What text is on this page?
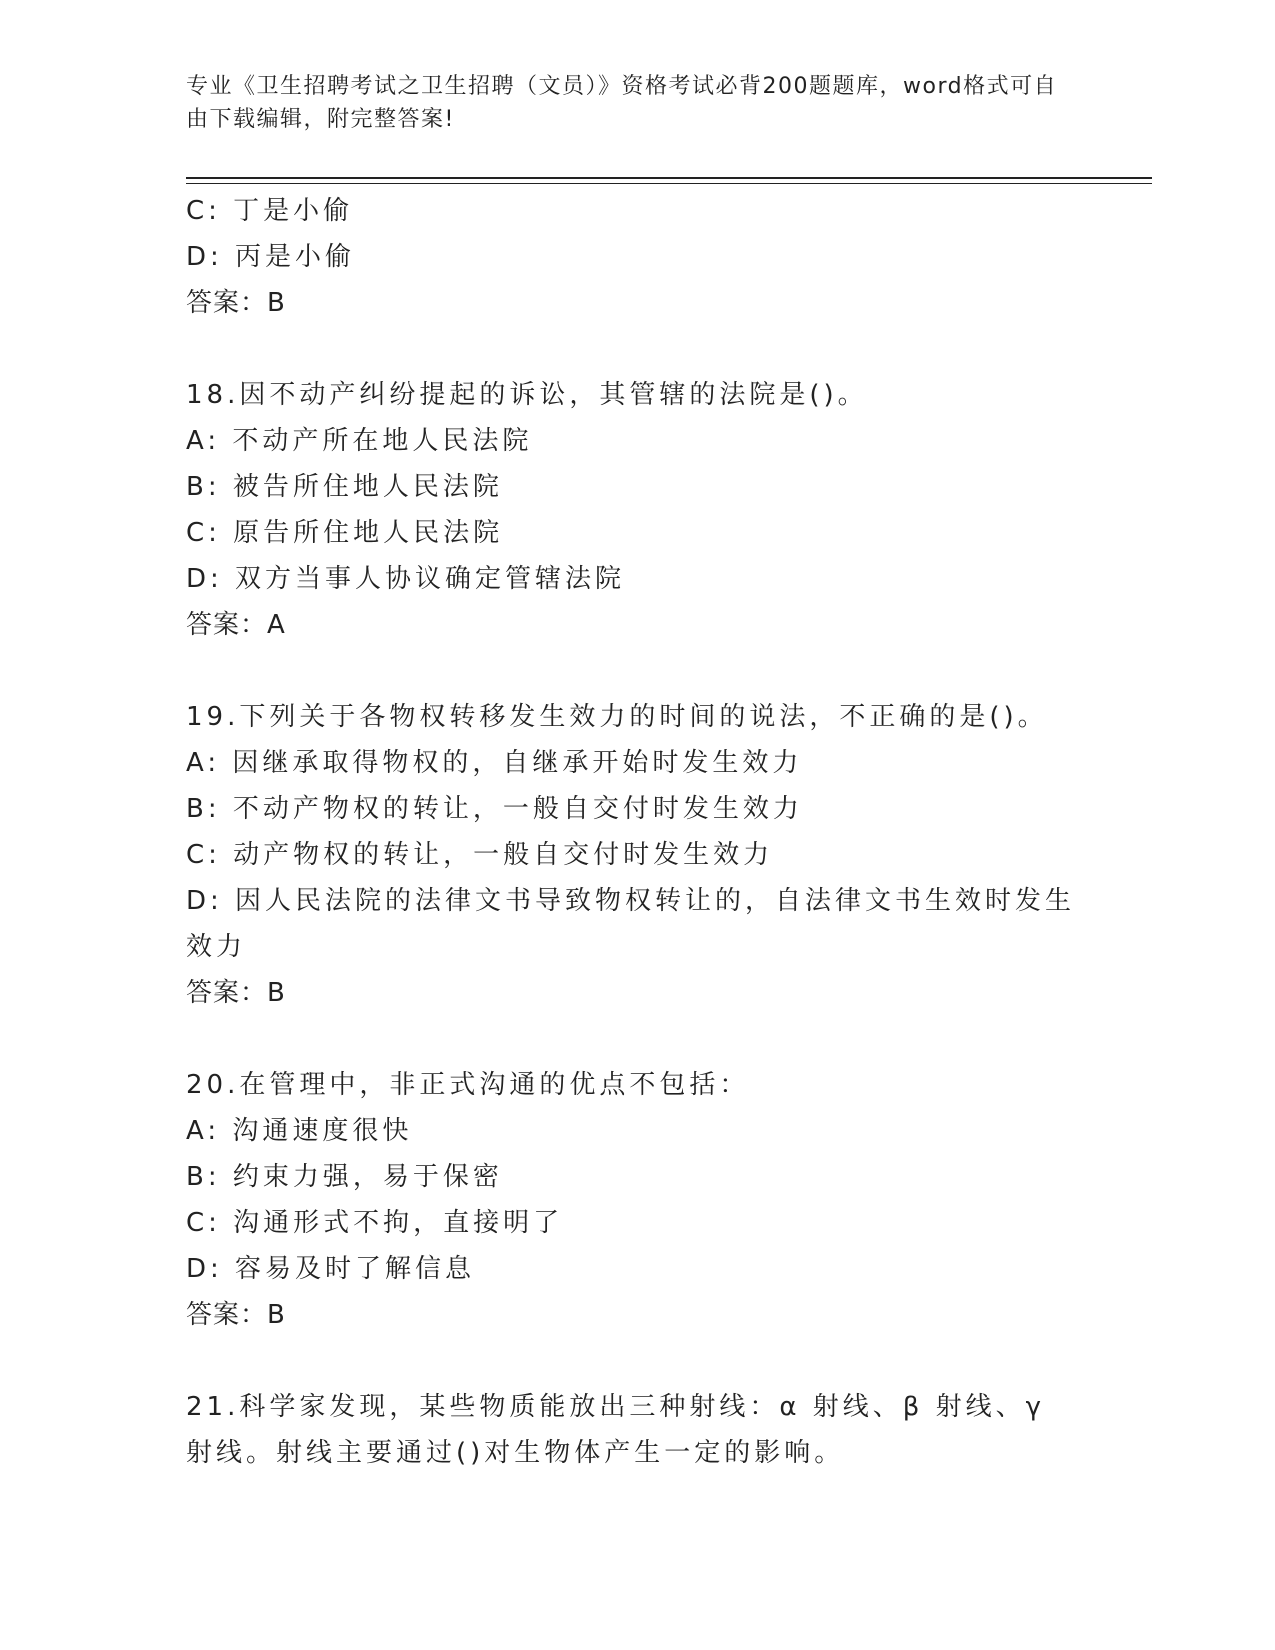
专业《卫生招聘考试之卫生招聘（文员）》资格考试必背200题题库，word格式可自由下载编辑，附完整答案!
C: 丁是小偷
D: 丙是小偷
答案：B
18.因不动产纠纷提起的诉讼，其管辖的法院是()。
A: 不动产所在地人民法院
B: 被告所住地人民法院
C: 原告所住地人民法院
D: 双方当事人协议确定管辖法院
答案：A
19.下列关于各物权转移发生效力的时间的说法，不正确的是()。
A: 因继承取得物权的，自继承开始时发生效力
B: 不动产物权的转让，一般自交付时发生效力
C: 动产物权的转让，一般自交付时发生效力
D: 因人民法院的法律文书导致物权转让的，自法律文书生效时发生效力
答案：B
20.在管理中，非正式沟通的优点不包括：
A: 沟通速度很快
B: 约束力强，易于保密
C: 沟通形式不拘，直接明了
D: 容易及时了解信息
答案：B
21.科学家发现，某些物质能放出三种射线：α 射线、β 射线、γ 射线。射线主要通过()对生物体产生一定的影响。
